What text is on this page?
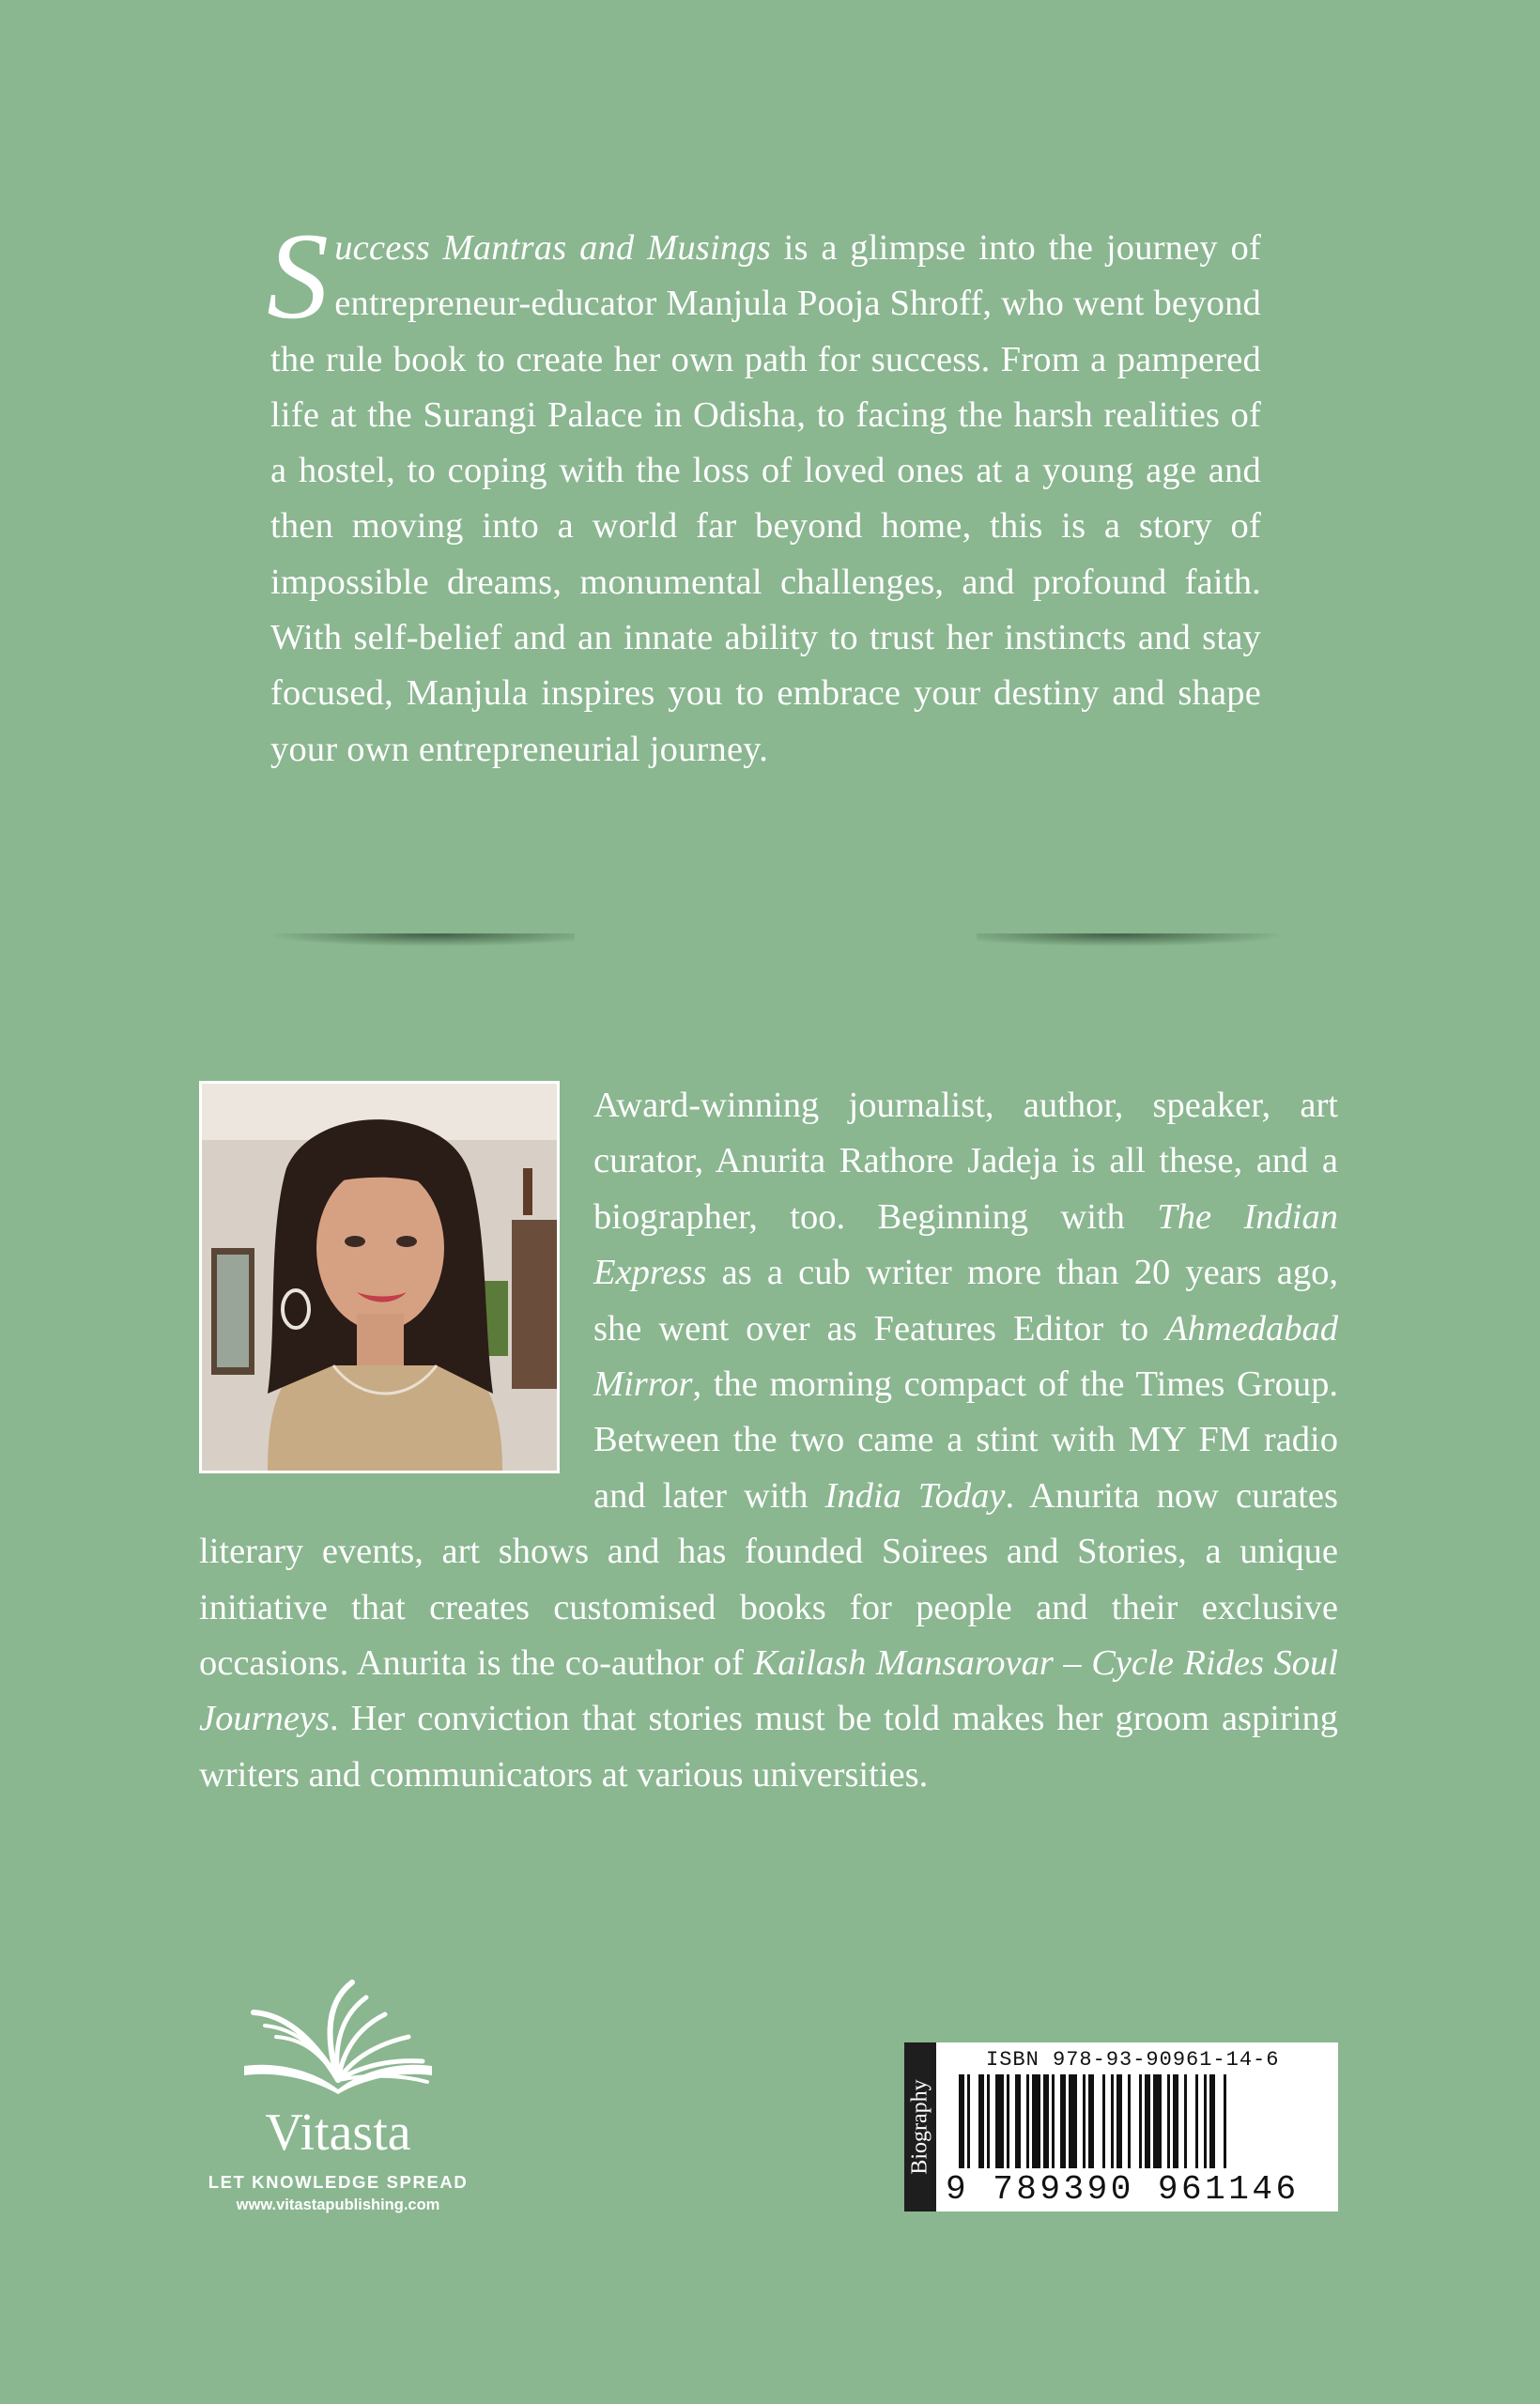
Success Mantras and Musings is a glimpse into the journey of entrepreneur-educator Manjula Pooja Shroff, who went beyond the rule book to create her own path for success. From a pampered life at the Surangi Palace in Odisha, to facing the harsh realities of a hostel, to coping with the loss of loved ones at a young age and then moving into a world far beyond home, this is a story of impossible dreams, monumental challenges, and profound faith. With self-belief and an innate ability to trust her instincts and stay focused, Manjula inspires you to embrace your destiny and shape your own entrepreneurial journey.
Award-winning journalist, author, speaker, art curator, Anurita Rathore Jadeja is all these, and a biographer, too. Beginning with The Indian Express as a cub writer more than 20 years ago, she went over as Features Editor to Ahmedabad Mirror, the morning compact of the Times Group. Between the two came a stint with MY FM radio and later with India Today. Anurita now curates literary events, art shows and has founded Soirees and Stories, a unique initiative that creates customised books for people and their exclusive occasions. Anurita is the co-author of Kailash Mansarovar – Cycle Rides Soul Journeys. Her conviction that stories must be told makes her groom aspiring writers and communicators at various universities.
Vitasta
LET KNOWLEDGE SPREAD
www.vitastapublishing.com
Biography
ISBN 978-93-90961-14-6
9 789390 961146
